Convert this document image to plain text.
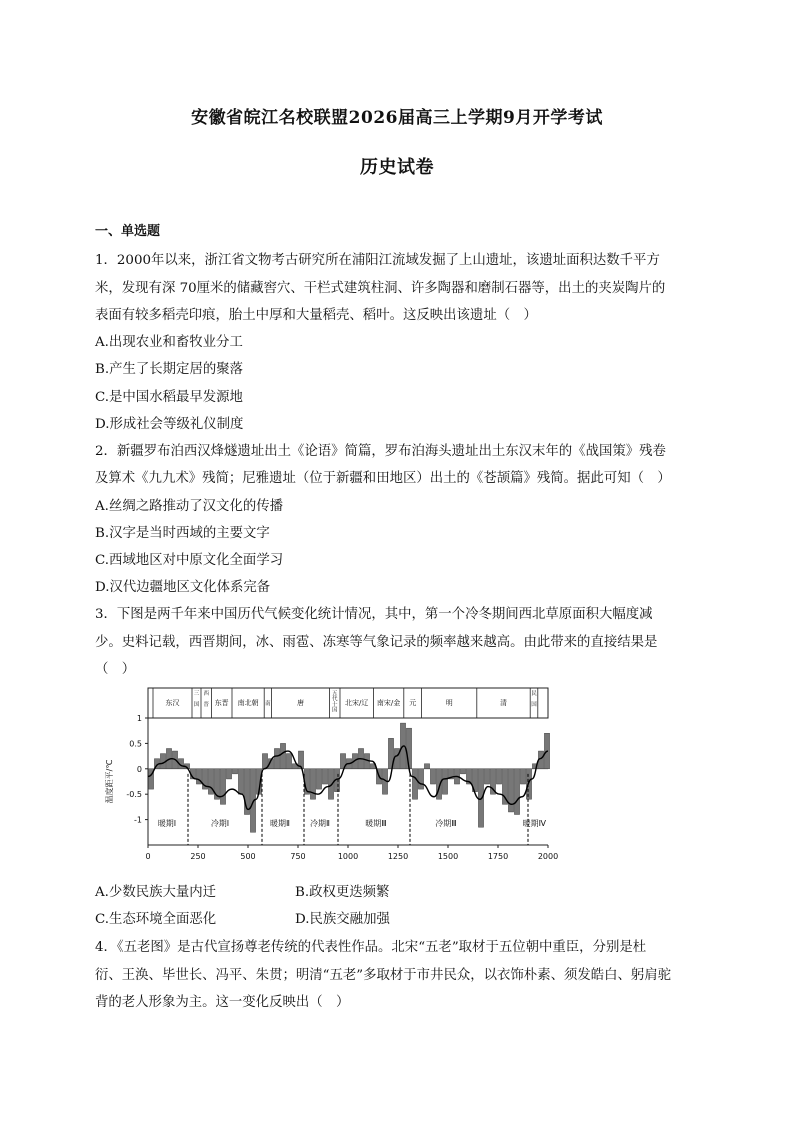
安徽省皖江名校联盟2026届高三上学期9月开学考试
历史试卷
一、单选题
1．2000年以来，浙江省文物考古研究所在浦阳江流域发掘了上山遗址，该遗址面积达数千平方
米，发现有深 70厘米的储藏窖穴、干栏式建筑柱洞、许多陶器和磨制石器等，出土的夹炭陶片的
表面有较多稻壳印痕，胎土中厚和大量稻壳、稻叶。这反映出该遗址（　）
A.出现农业和畜牧业分工
B.产生了长期定居的聚落
C.是中国水稻最早发源地
D.形成社会等级礼仪制度
2．新疆罗布泊西汉烽燧遗址出土《论语》简篇，罗布泊海头遗址出土东汉末年的《战国策》残卷
及算术《九九术》残简；尼雅遗址（位于新疆和田地区）出土的《苍颉篇》残简。据此可知（　）
A.丝绸之路推动了汉文化的传播
B.汉字是当时西域的主要文字
C.西域地区对中原文化全面学习
D.汉代边疆地区文化体系完备
3．下图是两千年来中国历代气候变化统计情况，其中，第一个冷冬期间西北草原面积大幅度减
少。史料记载，西晋期间，冰、雨雹、冻寒等气象记录的频率越来越高。由此带来的直接结果是
（　）
东汉
三国
西晋 东晋 南北朝 南	唐
五代十国
北宋/辽 南宋/金 元	明	清
民国
-1
-0.5
0
0.5
1
温度距平/℃
0	250	500	750	1000	1250	1500	1750	2000
暖期Ⅰ	冷期Ⅰ	暖期Ⅱ	冷期Ⅱ	暖期Ⅲ	冷期Ⅲ	暖期Ⅳ
A.少数民族大量内迁	B.政权更迭频繁
C.生态环境全面恶化	D.民族交融加强
4．《五老图》是古代宣扬尊老传统的代表性作品。北宋“五老”取材于五位朝中重臣，分别是杜
衍、王涣、毕世长、冯平、朱贯；明清“五老”多取材于市井民众，以衣饰朴素、须发皓白、躬肩驼
背的老人形象为主。这一变化反映出（　）
